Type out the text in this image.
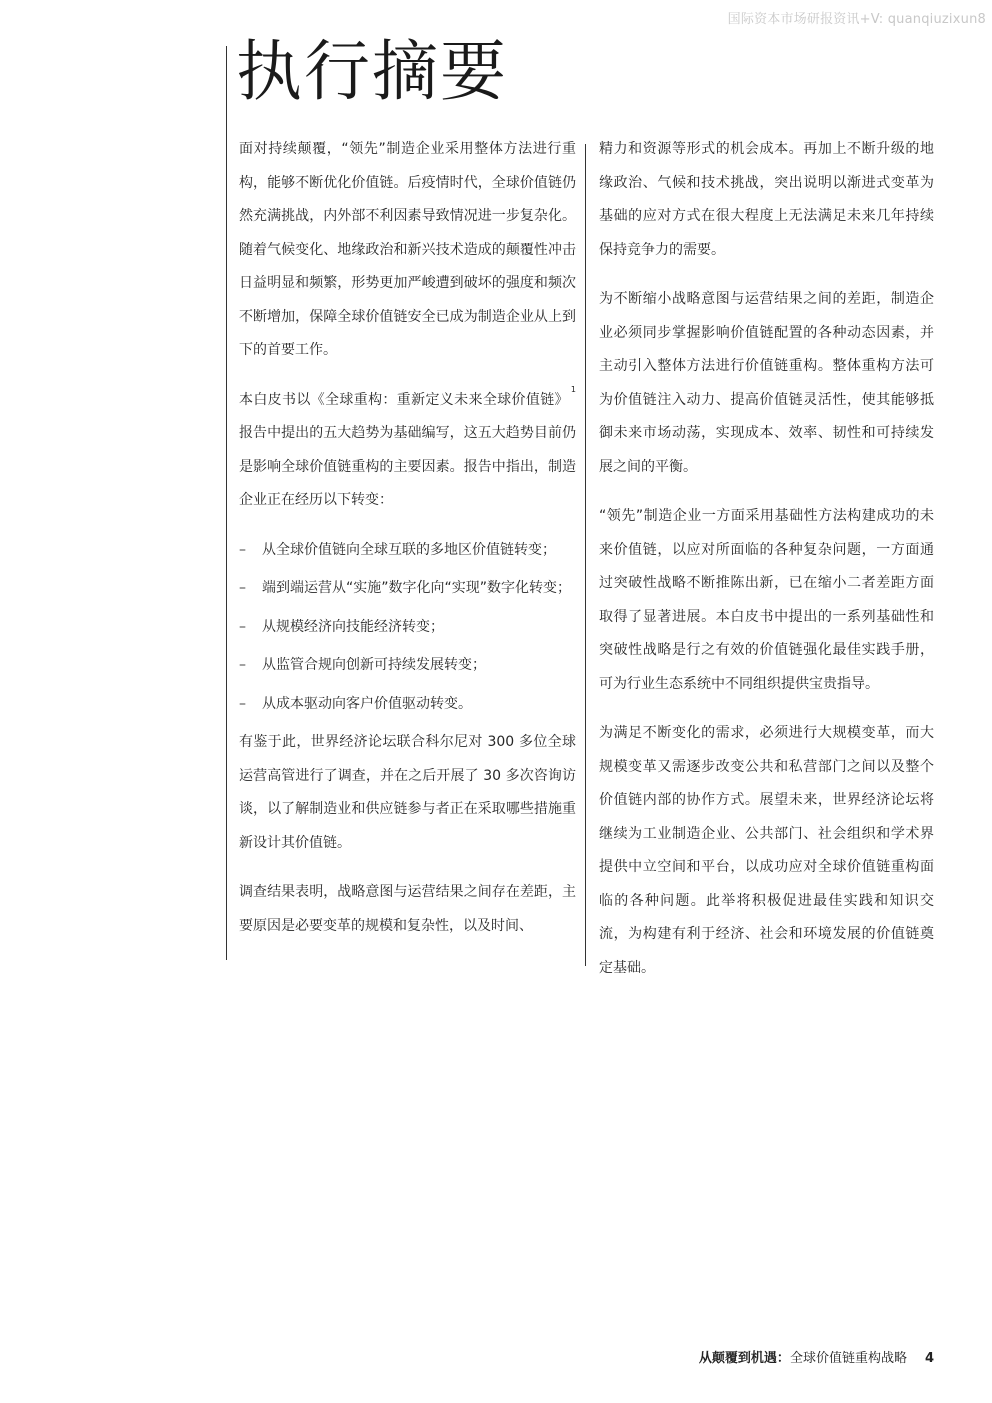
国际资本市场研报资讯+V: quanqiuzixun8
执行摘要

面对持续颠覆，“领先”制造企业采用整体方法进行重构，能够不断优化价值链。后疫情时代，全球价值链仍然充满挑战，内外部不利因素导致情况进一步复杂化。随着气候变化、地缘政治和新兴技术造成的颠覆性冲击日益明显和频繁，形势更加严峻遭到破坏的强度和频次不断增加，保障全球价值链安全已成为制造企业从上到下的首要工作。

本白皮书以《全球重构：重新定义未来全球价值链》$^1$报告中提出的五大趋势为基础编写，这五大趋势目前仍是影响全球价值链重构的主要因素。报告中指出，制造企业正在经历以下转变：

– 从全球价值链向全球互联的多地区价值链转变；
– 端到端运营从“实施”数字化向“实现”数字化转变；
– 从规模经济向技能经济转变；
– 从监管合规向创新可持续发展转变；
– 从成本驱动向客户价值驱动转变。

有鉴于此，世界经济论坛联合科尔尼对 300 多位全球运营高管进行了调查，并在之后开展了 30 多次咨询访谈，以了解制造业和供应链参与者正在采取哪些措施重新设计其价值链。

调查结果表明，战略意图与运营结果之间存在差距，主要原因是必要变革的规模和复杂性，以及时间、

精力和资源等形式的机会成本。再加上不断升级的地缘政治、气候和技术挑战，突出说明以渐进式变革为基础的应对方式在很大程度上无法满足未来几年持续保持竞争力的需要。

为不断缩小战略意图与运营结果之间的差距，制造企业必须同步掌握影响价值链配置的各种动态因素，并主动引入整体方法进行价值链重构。整体重构方法可为价值链注入动力、提高价值链灵活性，使其能够抵御未来市场动荡，实现成本、效率、韧性和可持续发展之间的平衡。

“领先”制造企业一方面采用基础性方法构建成功的未来价值链，以应对所面临的各种复杂问题，一方面通过突破性战略不断推陈出新，已在缩小二者差距方面取得了显著进展。本白皮书中提出的一系列基础性和突破性战略是行之有效的价值链强化最佳实践手册，可为行业生态系统中不同组织提供宝贵指导。

为满足不断变化的需求，必须进行大规模变革，而大规模变革又需逐步改变公共和私营部门之间以及整个价值链内部的协作方式。展望未来，世界经济论坛将继续为工业制造企业、公共部门、社会组织和学术界提供中立空间和平台，以成功应对全球价值链重构面临的各种问题。此举将积极促进最佳实践和知识交流，为构建有利于经济、社会和环境发展的价值链奠定基础。

从颠覆到机遇：全球价值链重构战略 4
